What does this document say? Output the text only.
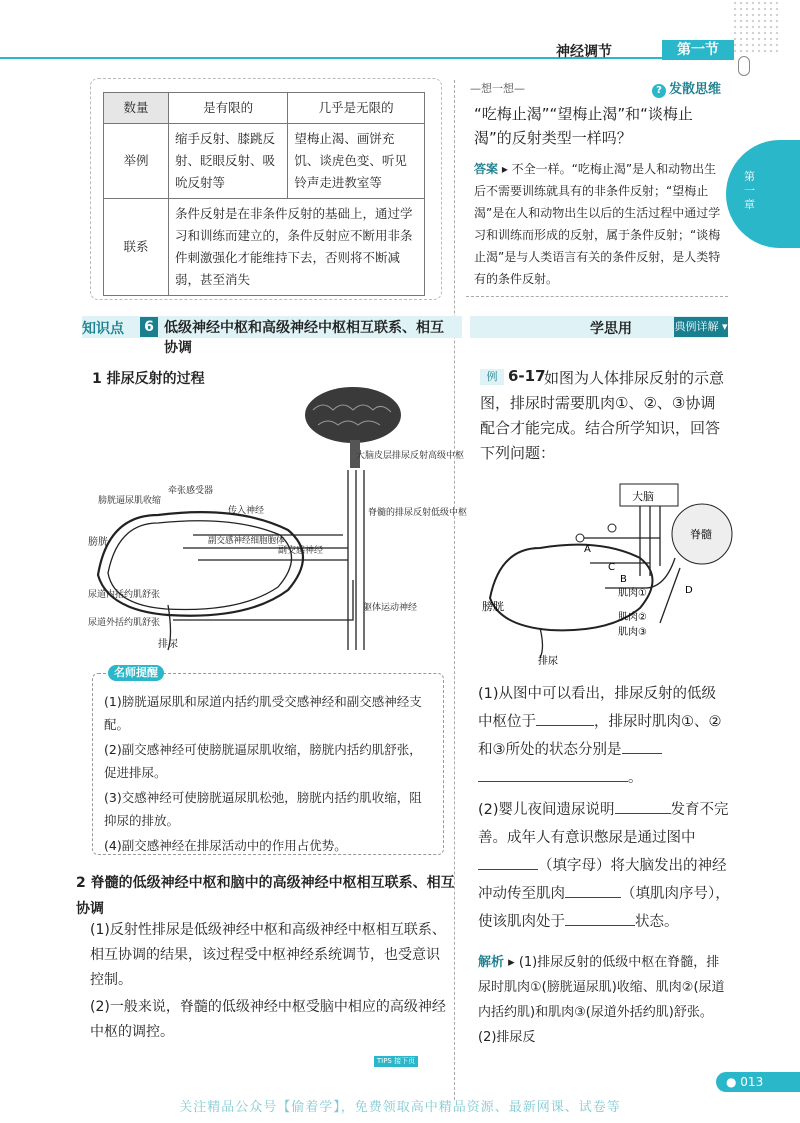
神经调节	第一节
第一章
数量	是有限的	几乎是无限的
举例	缩手反射、膝跳反射、眨眼反射、吸吮反射等	望梅止渴、画饼充饥、谈虎色变、听见铃声走进教室等
联系	条件反射是在非条件反射的基础上，通过学习和训练而建立的，条件反射应不断用非条件刺激强化才能维持下去，否则将不断减弱，甚至消失	
—想一想—	? 发散思维
“吃梅止渴”“望梅止渴”和“谈梅止渴”的反射类型一样吗？
答案 ▸ 不全一样。“吃梅止渴”是人和动物出生后不需要训练就具有的非条件反射；“望梅止渴”是在人和动物出生以后的生活过程中通过学习和训练而形成的反射，属于条件反射；“谈梅止渴”是与人类语言有关的条件反射，是人类特有的条件反射。
知识点 6 低级神经中枢和高级神经中枢相互联系、相互协调
学思用	典例详解 ▾
1 排尿反射的过程
大脑皮层排尿反射高级中枢
膀胱逼尿肌收缩
牵张感受器
传入神经
副交感神经细胞胞体
副交感神经
脊髓的排尿反射低级中枢
膀胱
尿道内括约肌舒张
尿道外括约肌舒张
躯体运动神经
排尿
名师提醒

(1)膀胱逼尿肌和尿道内括约肌受交感神经和副交感神经支配。

(2)副交感神经可使膀胱逼尿肌收缩，膀胱内括约肌舒张，促进排尿。

(3)交感神经可使膀胱逼尿肌松弛，膀胱内括约肌收缩，阻抑尿的排放。

(4)副交感神经在排尿活动中的作用占优势。

2 脊髓的低级神经中枢和脑中的高级神经中枢相互联系、相互协调

(1)反射性排尿是低级神经中枢和高级神经中枢相互联系、相互协调的结果，该过程受中枢神经系统调节，也受意识控制。

(2)一般来说，脊髓的低级神经中枢受脑中相应的高级神经中枢的调控。

如图为人体排尿反射的示意图，排尿时需要肌肉①、②、③协调配合才能完成。结合所学知识，回答下列问题：
例 6-17
大脑
脊髓
A
B
C
D
肌肉①
肌肉②
肌肉③
膀胱
排尿

(1)从图中可以看出，排尿反射的低级中枢位于	，排尿时肌肉①、②和③所处的状态分别是
。

(2)婴儿夜间遗尿说明	发育不完善。成年人有意识憋尿是通过图中（填字母）将大脑发出的神经冲动传至肌肉	（填肌肉序号），使该肌肉处于	状态。

解析 ▸ (1)排尿反射的低级中枢在脊髓，排尿时肌肉①(膀胱逼尿肌)收缩、肌肉②(尿道内括约肌)和肌肉③(尿道外括约肌)舒张。(2)排尿反
TIPS 接下页左栏
● 013
关注精品公众号【偷着学】，免费领取高中精品资源、最新网课、试卷等
